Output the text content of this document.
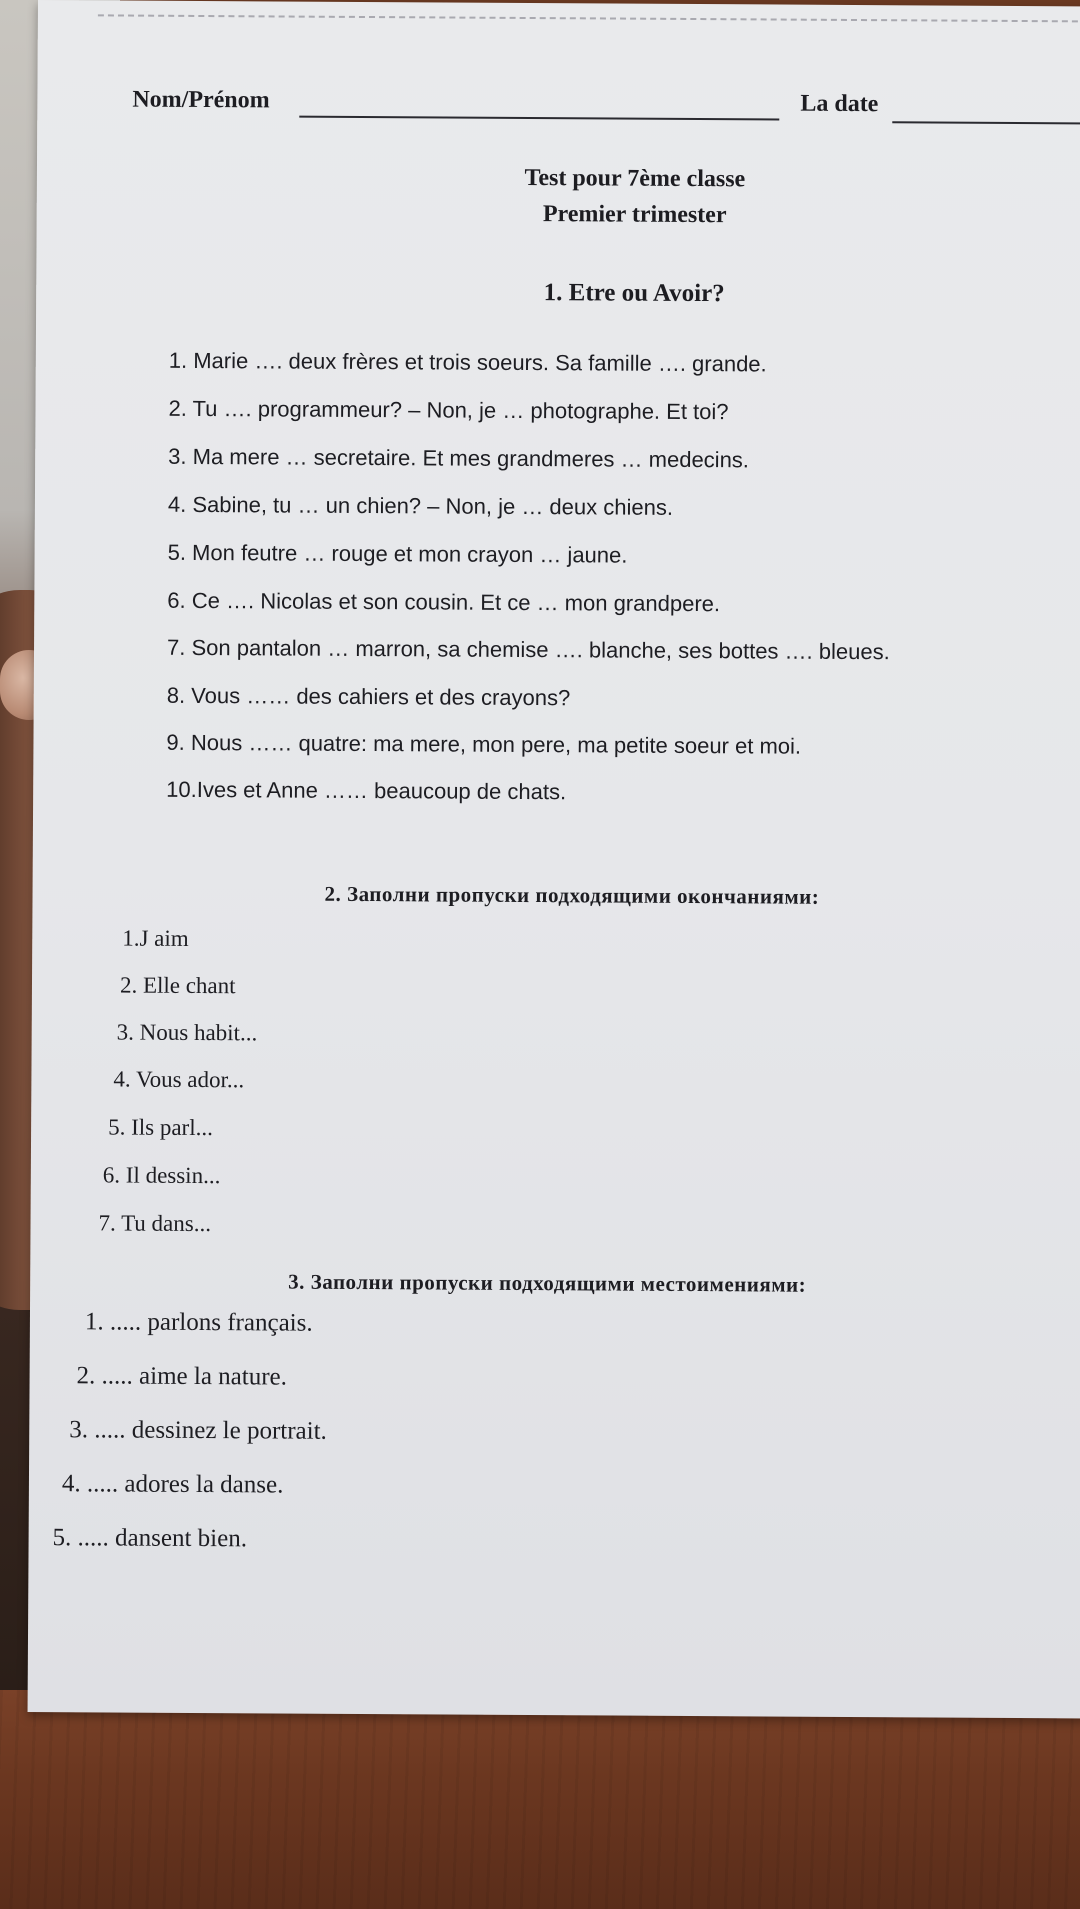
Nom/Prénom	La date
Test pour 7ème classe
Premier trimester
1. Etre ou Avoir?
1. Marie …. deux frères et trois soeurs. Sa famille …. grande.
2. Tu …. programmeur? – Non, je … photographe. Et toi?
3. Ma mere … secretaire. Et mes grandmeres … medecins.
4. Sabine, tu … un chien? – Non, je … deux chiens.
5. Mon feutre … rouge et mon crayon … jaune.
6. Ce …. Nicolas et son cousin. Et ce … mon grandpere.
7. Son pantalon … marron, sa chemise …. blanche, ses bottes …. bleues.
8. Vous …… des cahiers et des crayons?
9. Nous …… quatre: ma mere, mon pere, ma petite soeur et moi.
10.Ives et Anne …… beaucoup de chats.
2. Заполни пропуски подходящими окончаниями:
1.J aim
2. Elle chant
3. Nous habit...
4. Vous ador...
5. Ils parl...
6. Il dessin...
7. Tu dans...
3. Заполни пропуски подходящими местоимениями:
1. ..... parlons français.
2. ..... aime la nature.
3. ..... dessinez le portrait.
4. ..... adores la danse.
5. ..... dansent bien.
